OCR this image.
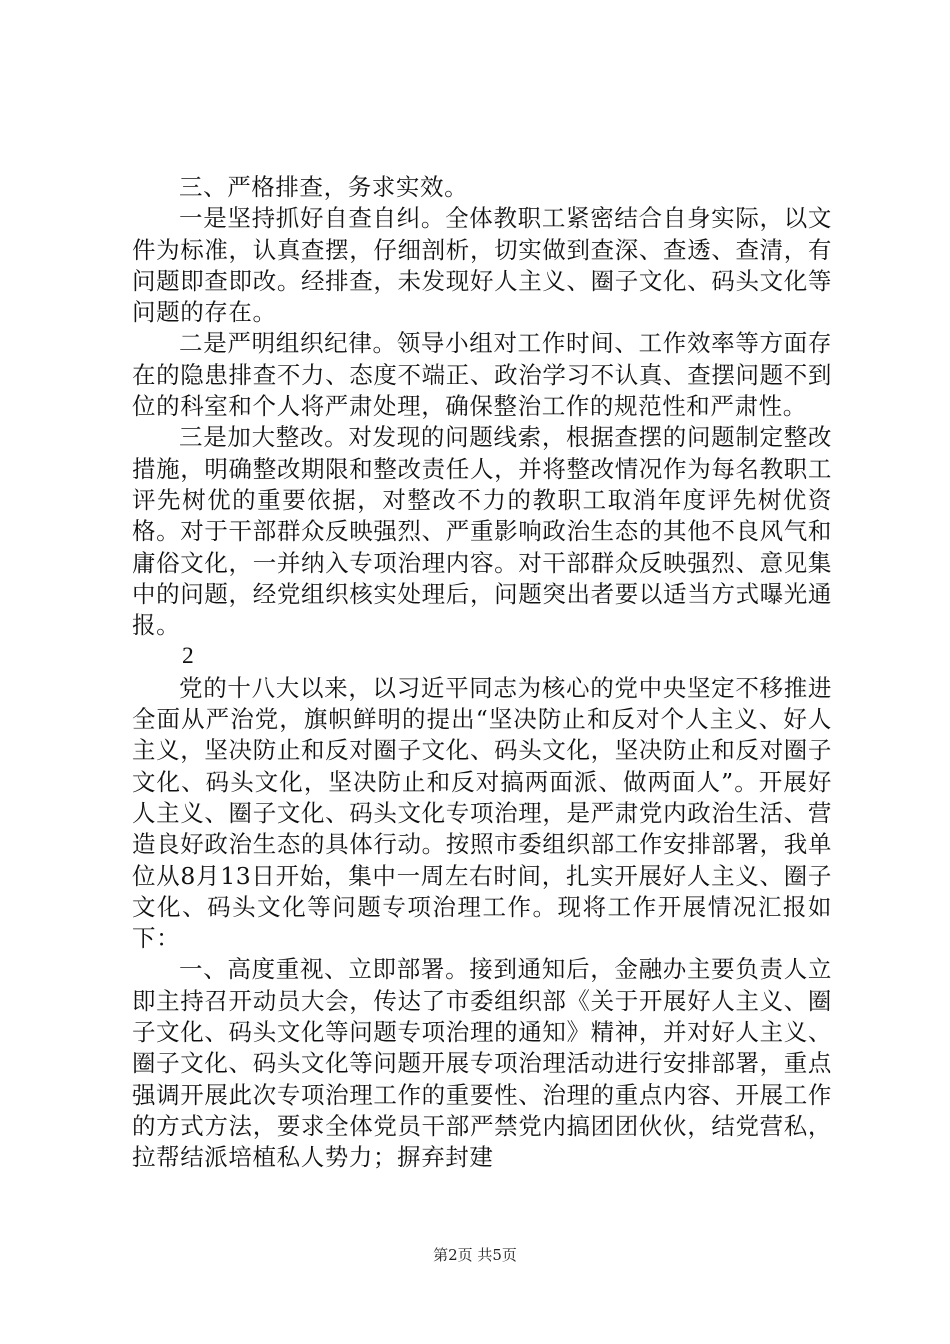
三、严格排查，务求实效。

一是坚持抓好自查自纠。全体教职工紧密结合自身实际，以文件为标准，认真查摆，仔细剖析，切实做到查深、查透、查清，有问题即查即改。经排查，未发现好人主义、圈子文化、码头文化等问题的存在。

二是严明组织纪律。领导小组对工作时间、工作效率等方面存在的隐患排查不力、态度不端正、政治学习不认真、查摆问题不到位的科室和个人将严肃处理，确保整治工作的规范性和严肃性。

三是加大整改。对发现的问题线索，根据查摆的问题制定整改措施，明确整改期限和整改责任人，并将整改情况作为每名教职工评先树优的重要依据，对整改不力的教职工取消年度评先树优资格。对于干部群众反映强烈、严重影响政治生态的其他不良风气和庸俗文化，一并纳入专项治理内容。对干部群众反映强烈、意见集中的问题，经党组织核实处理后，问题突出者要以适当方式曝光通报。

2

党的十八大以来，以习近平同志为核心的党中央坚定不移推进全面从严治党，旗帜鲜明的提出“坚决防止和反对个人主义、好人主义，坚决防止和反对圈子文化、码头文化，坚决防止和反对圈子文化、码头文化，坚决防止和反对搞两面派、做两面人”。开展好人主义、圈子文化、码头文化专项治理，是严肃党内政治生活、营造良好政治生态的具体行动。按照市委组织部工作安排部署，我单位从8月13日开始，集中一周左右时间，扎实开展好人主义、圈子文化、码头文化等问题专项治理工作。现将工作开展情况汇报如下：

一、高度重视、立即部署。接到通知后，金融办主要负责人立即主持召开动员大会，传达了市委组织部《关于开展好人主义、圈子文化、码头文化等问题专项治理的通知》精神，并对好人主义、圈子文化、码头文化等问题开展专项治理活动进行安排部署，重点强调开展此次专项治理工作的重要性、治理的重点内容、开展工作的方式方法，要求全体党员干部严禁党内搞团团伙伙，结党营私，拉帮结派培植私人势力；摒弃封建

第2页 共5页
